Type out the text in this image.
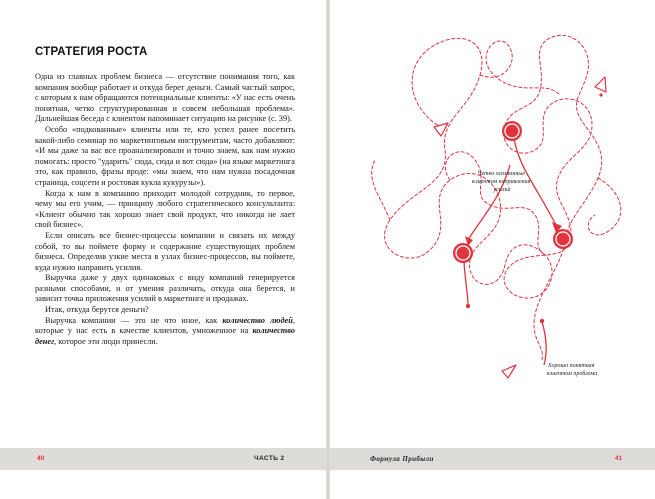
СТРАТЕГИЯ РОСТА

Одна из главных проблем бизнеса — отсутствие понимания того, как компания вообще работает и откуда берет деньги. Самый частый запрос, с которым к нам обращаются потенциальные клиенты: «У нас есть очень понятная, четко структурированная и совсем небольшая проблема». Дальнейшая беседа с клиентом напоминает ситуацию на рисунке (с. 39).

Особо «подкованные» клиенты или те, кто успел ранее посетить какой-либо семинар по маркетинговым инструментам, часто добавляют: «И мы даже за вас все проанализировали и точно знаем, как нам нужно помогать: просто "ударить" сюда, сюда и вот сюда» (на языке маркетинга это, как правило, фразы вроде: «мы знаем, что нам нужна посадочная страница, соцсети и ростовая кукла кукурузы»).

Когда к нам в компанию приходит молодой сотрудник, то первое, чему мы его учим, — принципу любого стратегического консультанта: «Клиент обычно так хорошо знает свой продукт, что никогда не лает свой бизнес».

Если описать все бизнес-процессы компании и связать их между собой, то вы поймете форму и содержание существующих проблем бизнеса. Определив узкие места в узлах бизнес-процессов, вы поймете, куда нужно направить усилия.

Выручка даже у двух одинаковых с виду компаний генерируется разными способами, и от умения различать, откуда она берется, и зависит точка приложения усилий в маркетинге и продажах.

Итак, откуда берутся деньги?

Выручка компании — это не что иное, как количество людей, которые у нас есть в качестве клиентов, умноженное на количество денег, которое эти люди принесли.

Четко осознанные клиентом направления усилий
Хорошо понятная клиентом проблема
40	ЧАСТЬ 2	Формула Прибыли	41
